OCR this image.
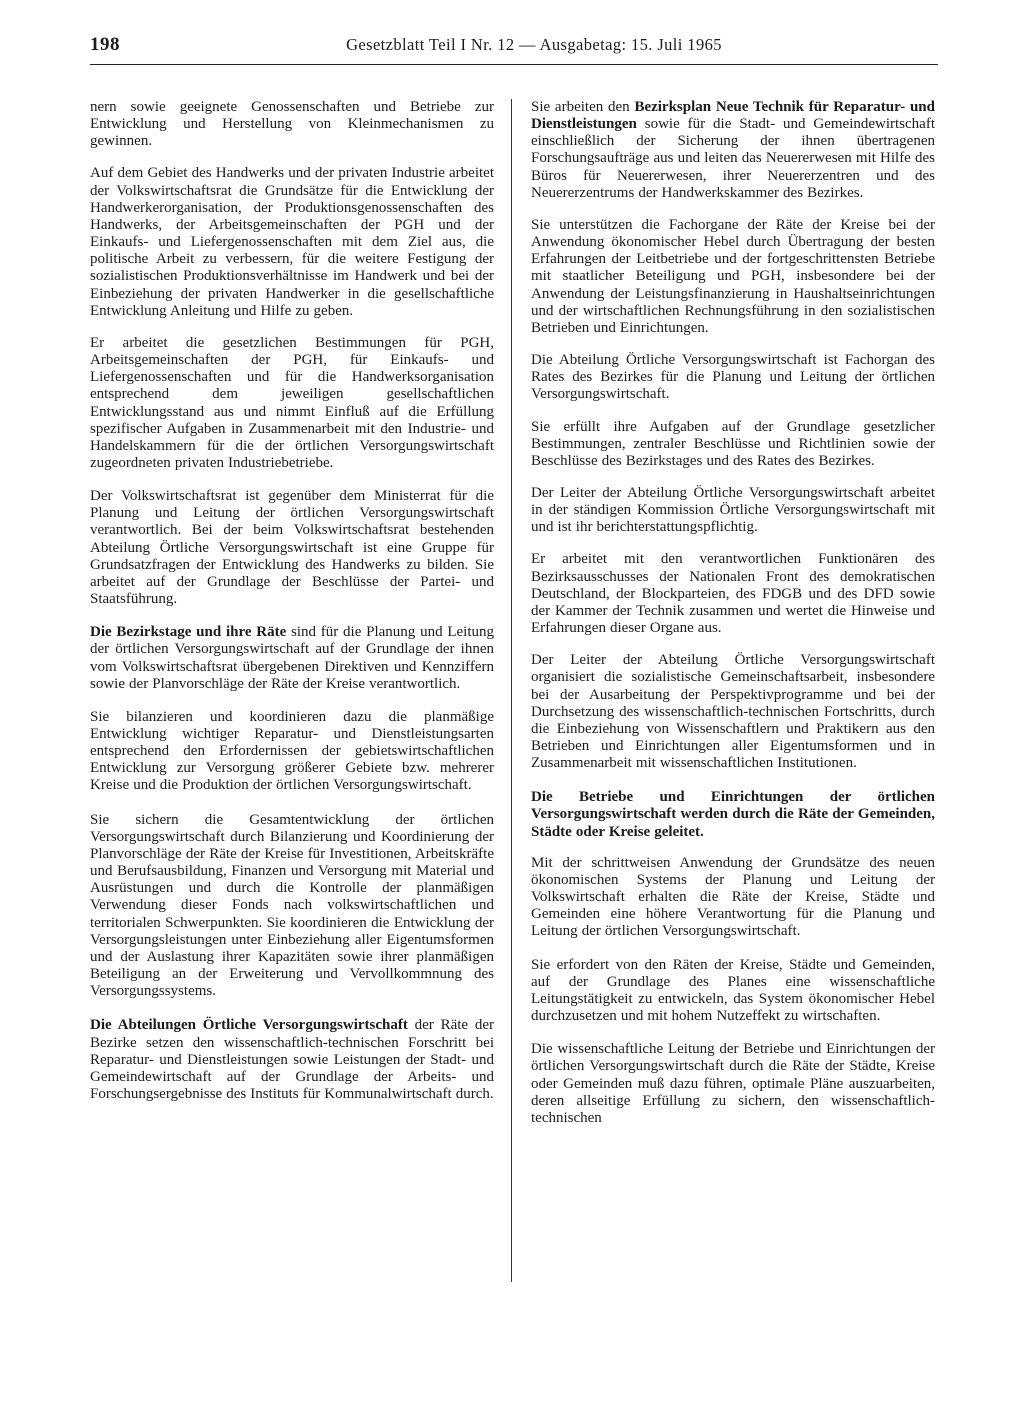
198	Gesetzblatt Teil I Nr. 12 — Ausgabetag: 15. Juli 1965

nern sowie geeignete Genossenschaften und Betriebe zur Entwicklung und Herstellung von Kleinmechanismen zu gewinnen.

Auf dem Gebiet des Handwerks und der privaten Industrie arbeitet der Volkswirtschaftsrat die Grundsätze für die Entwicklung der Handwerkerorganisation, der Produktionsgenossenschaften des Handwerks, der Arbeitsgemeinschaften der PGH und der Einkaufs- und Liefergenossenschaften mit dem Ziel aus, die politische Arbeit zu verbessern, für die weitere Festigung der sozialistischen Produktionsverhältnisse im Handwerk und bei der Einbeziehung der privaten Handwerker in die gesellschaftliche Entwicklung Anleitung und Hilfe zu geben.

Er arbeitet die gesetzlichen Bestimmungen für PGH, Arbeitsgemeinschaften der PGH, für Einkaufs- und Liefergenossenschaften und für die Handwerksorganisation entsprechend dem jeweiligen gesellschaftlichen Entwicklungsstand aus und nimmt Einfluß auf die Erfüllung spezifischer Aufgaben in Zusammenarbeit mit den Industrie- und Handelskammern für die der örtlichen Versorgungswirtschaft zugeordneten privaten Industriebetriebe.

Der Volkswirtschaftsrat ist gegenüber dem Ministerrat für die Planung und Leitung der örtlichen Versorgungswirtschaft verantwortlich. Bei der beim Volkswirtschaftsrat bestehenden Abteilung Örtliche Versorgungswirtschaft ist eine Gruppe für Grundsatzfragen der Entwicklung des Handwerks zu bilden. Sie arbeitet auf der Grundlage der Beschlüsse der Partei- und Staatsführung.

Die Bezirkstage und ihre Räte sind für die Planung und Leitung der örtlichen Versorgungswirtschaft auf der Grundlage der ihnen vom Volkswirtschaftsrat übergebenen Direktiven und Kennziffern sowie der Planvorschläge der Räte der Kreise verantwortlich.

Sie bilanzieren und koordinieren dazu die planmäßige Entwicklung wichtiger Reparatur- und Dienstleistungsarten entsprechend den Erfordernissen der gebietswirtschaftlichen Entwicklung zur Versorgung größerer Gebiete bzw. mehrerer Kreise und die Produktion der örtlichen Versorgungswirtschaft.

Sie sichern die Gesamtentwicklung der örtlichen Versorgungswirtschaft durch Bilanzierung und Koordinierung der Planvorschläge der Räte der Kreise für Investitionen, Arbeitskräfte und Berufsausbildung, Finanzen und Versorgung mit Material und Ausrüstungen und durch die Kontrolle der planmäßigen Verwendung dieser Fonds nach volkswirtschaftlichen und territorialen Schwerpunkten. Sie koordinieren die Entwicklung der Versorgungsleistungen unter Einbeziehung aller Eigentumsformen und der Auslastung ihrer Kapazitäten sowie ihrer planmäßigen Beteiligung an der Erweiterung und Vervollkommnung des Versorgungssystems.

Die Abteilungen Örtliche Versorgungswirtschaft der Räte der Bezirke setzen den wissenschaftlich-technischen Forschritt bei Reparatur- und Dienstleistungen sowie Leistungen der Stadt- und Gemeindewirtschaft auf der Grundlage der Arbeits- und Forschungsergebnisse des Instituts für Kommunalwirtschaft durch.

Sie arbeiten den Bezirksplan Neue Technik für Reparatur- und Dienstleistungen sowie für die Stadt- und Gemeindewirtschaft einschließlich der Sicherung der ihnen übertragenen Forschungsaufträge aus und leiten das Neuererwesen mit Hilfe des Büros für Neuererwesen, ihrer Neuererzentren und des Neuererzentrums der Handwerkskammer des Bezirkes.

Sie unterstützen die Fachorgane der Räte der Kreise bei der Anwendung ökonomischer Hebel durch Übertragung der besten Erfahrungen der Leitbetriebe und der fortgeschrittensten Betriebe mit staatlicher Beteiligung und PGH, insbesondere bei der Anwendung der Leistungsfinanzierung in Haushaltseinrichtungen und der wirtschaftlichen Rechnungsführung in den sozialistischen Betrieben und Einrichtungen.

Die Abteilung Örtliche Versorgungswirtschaft ist Fachorgan des Rates des Bezirkes für die Planung und Leitung der örtlichen Versorgungswirtschaft.

Sie erfüllt ihre Aufgaben auf der Grundlage gesetzlicher Bestimmungen, zentraler Beschlüsse und Richtlinien sowie der Beschlüsse des Bezirkstages und des Rates des Bezirkes.

Der Leiter der Abteilung Örtliche Versorgungswirtschaft arbeitet in der ständigen Kommission Örtliche Versorgungswirtschaft mit und ist ihr berichterstattungspflichtig.

Er arbeitet mit den verantwortlichen Funktionären des Bezirksausschusses der Nationalen Front des demokratischen Deutschland, der Blockparteien, des FDGB und des DFD sowie der Kammer der Technik zusammen und wertet die Hinweise und Erfahrungen dieser Organe aus.

Der Leiter der Abteilung Örtliche Versorgungswirtschaft organisiert die sozialistische Gemeinschaftsarbeit, insbesondere bei der Ausarbeitung der Perspektivprogramme und bei der Durchsetzung des wissenschaftlich-technischen Fortschritts, durch die Einbeziehung von Wissenschaftlern und Praktikern aus den Betrieben und Einrichtungen aller Eigentumsformen und in Zusammenarbeit mit wissenschaftlichen Institutionen.

Die Betriebe und Einrichtungen der örtlichen Versorgungswirtschaft werden durch die Räte der Gemeinden, Städte oder Kreise geleitet.

Mit der schrittweisen Anwendung der Grundsätze des neuen ökonomischen Systems der Planung und Leitung der Volkswirtschaft erhalten die Räte der Kreise, Städte und Gemeinden eine höhere Verantwortung für die Planung und Leitung der örtlichen Versorgungswirtschaft.

Sie erfordert von den Räten der Kreise, Städte und Gemeinden, auf der Grundlage des Planes eine wissenschaftliche Leitungstätigkeit zu entwickeln, das System ökonomischer Hebel durchzusetzen und mit hohem Nutzeffekt zu wirtschaften.

Die wissenschaftliche Leitung der Betriebe und Einrichtungen der örtlichen Versorgungswirtschaft durch die Räte der Städte, Kreise oder Gemeinden muß dazu führen, optimale Pläne auszuarbeiten, deren allseitige Erfüllung zu sichern, den wissenschaftlich-technischen
